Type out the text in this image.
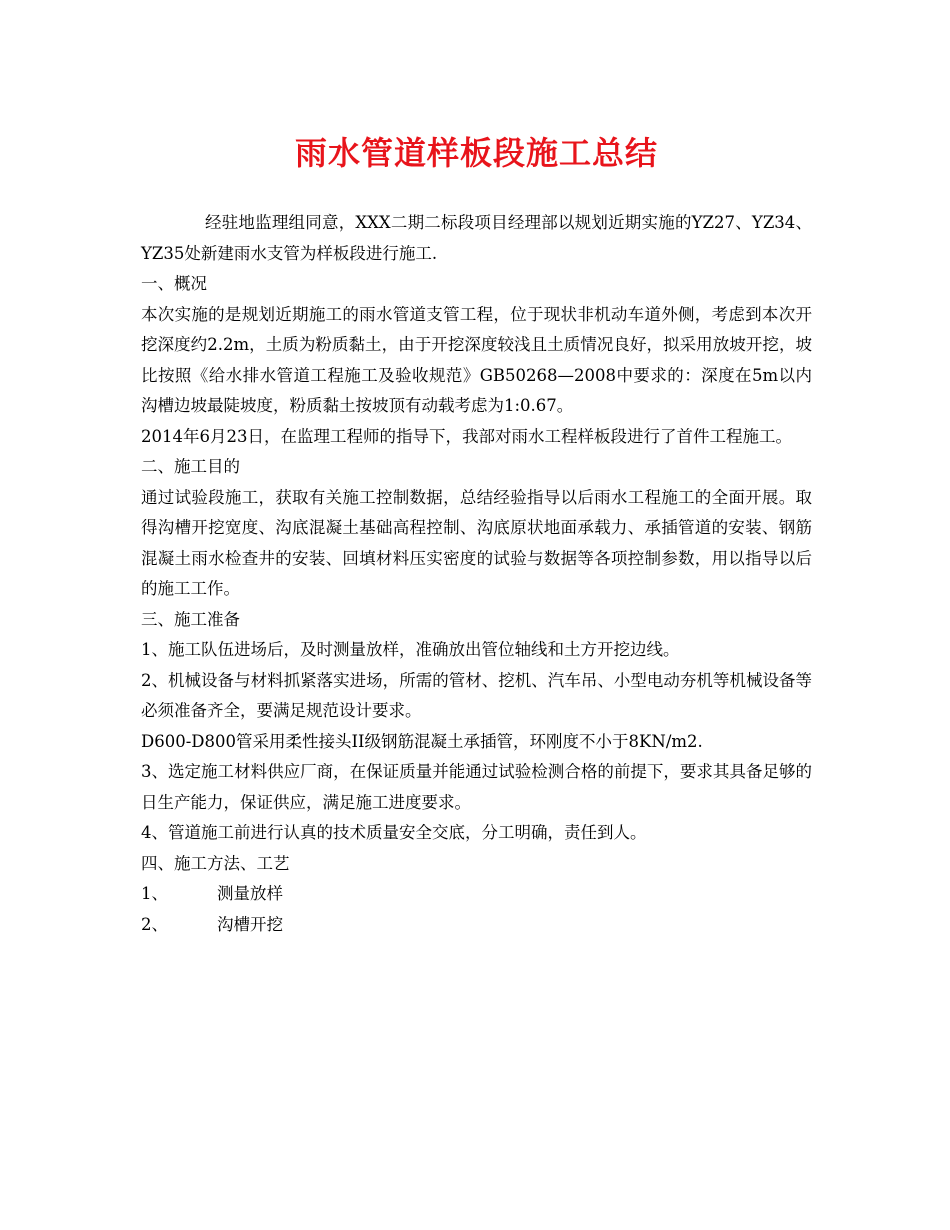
雨水管道样板段施工总结

经驻地监理组同意，XXX二期二标段项目经理部以规划近期实施的YZ27、YZ34、YZ35处新建雨水支管为样板段进行施工.

一、概况

本次实施的是规划近期施工的雨水管道支管工程，位于现状非机动车道外侧，考虑到本次开挖深度约2.2m，土质为粉质黏土，由于开挖深度较浅且土质情况良好，拟采用放坡开挖，坡比按照《给水排水管道工程施工及验收规范》GB50268—2008中要求的：深度在5m以内沟槽边坡最陡坡度，粉质黏土按坡顶有动载考虑为1:0.67。

2014年6月23日，在监理工程师的指导下，我部对雨水工程样板段进行了首件工程施工。

二、施工目的

通过试验段施工，获取有关施工控制数据，总结经验指导以后雨水工程施工的全面开展。取得沟槽开挖宽度、沟底混凝土基础高程控制、沟底原状地面承载力、承插管道的安装、钢筋混凝土雨水检查井的安装、回填材料压实密度的试验与数据等各项控制参数，用以指导以后的施工工作。

三、施工准备

1、施工队伍进场后，及时测量放样，准确放出管位轴线和土方开挖边线。

2、机械设备与材料抓紧落实进场，所需的管材、挖机、汽车吊、小型电动夯机等机械设备等必须准备齐全，要满足规范设计要求。

D600-D800管采用柔性接头II级钢筋混凝土承插管，环刚度不小于8KN/m2.

3、选定施工材料供应厂商，在保证质量并能通过试验检测合格的前提下，要求其具备足够的日生产能力，保证供应，满足施工进度要求。

4、管道施工前进行认真的技术质量安全交底，分工明确，责任到人。

四、施工方法、工艺

1、	测量放样
2、	沟槽开挖
